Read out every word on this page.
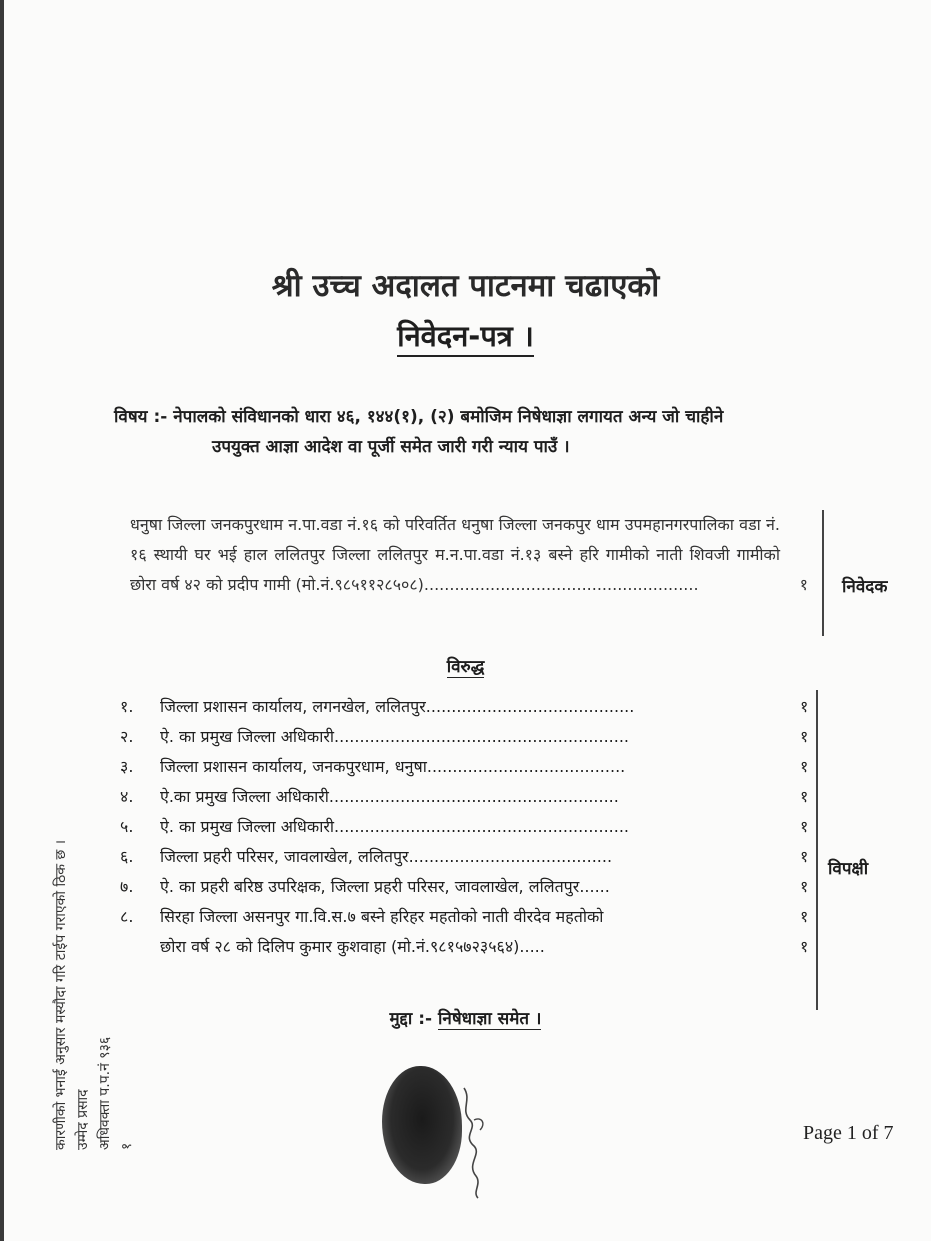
श्री उच्च अदालत पाटनमा चढाएको
निवेदन-पत्र ।
विषय :- नेपालको संविधानको धारा ४६, १४४(१), (२) बमोजिम निषेधाज्ञा लगायत अन्य जो चाहीने
उपयुक्त आज्ञा आदेश वा पूर्जी समेत जारी गरी न्याय पाउँ ।
धनुषा जिल्ला जनकपुरधाम न.पा.वडा नं.१६ को परिवर्तित धनुषा जिल्ला जनकपुर धाम उपमहानगरपालिका वडा नं. १६ स्थायी घर भई हाल ललितपुर जिल्ला ललितपुर म.न.पा.वडा नं.१३ बस्ने हरि गामीको नाती शिवजी गामीको छोरा वर्ष ४२ को प्रदीप गामी (मो.नं.९८५११२८५०८)......................................................	१ निवेदक
विरुद्ध
१.	जिल्ला प्रशासन कार्यालय, लगनखेल, ललितपुर.........................................	१
२.	ऐ. का प्रमुख जिल्ला अधिकारी..........................................................	१
३.	जिल्ला प्रशासन कार्यालय, जनकपुरधाम, धनुषा.......................................	१
४.	ऐ.का प्रमुख जिल्ला अधिकारी.........................................................	१
५.	ऐ. का प्रमुख जिल्ला अधिकारी..........................................................	१
६.	जिल्ला प्रहरी परिसर, जावलाखेल, ललितपुर........................................	१
७.	ऐ. का प्रहरी बरिष्ठ उपरिक्षक, जिल्ला प्रहरी परिसर, जावलाखेल, ललितपुर......	१
८.	सिरहा जिल्ला असनपुर गा.वि.स.७ बस्ने हरिहर महतोको नाती वीरदेव महतोको	१
छोरा वर्ष २८ को दिलिप कुमार कुशवाहा (मो.नं.९८१५७२३५६४).....	१
विपक्षी
मुद्दा :- निषेधाज्ञा समेत ।
Page 1 of 7
कारणीको भनाई अनुसार मस्यौदा गरि टाईप गराएको ठिक छ । उम्मेद प्रसाद अधिवक्ता प.प.नं ९३६ १
